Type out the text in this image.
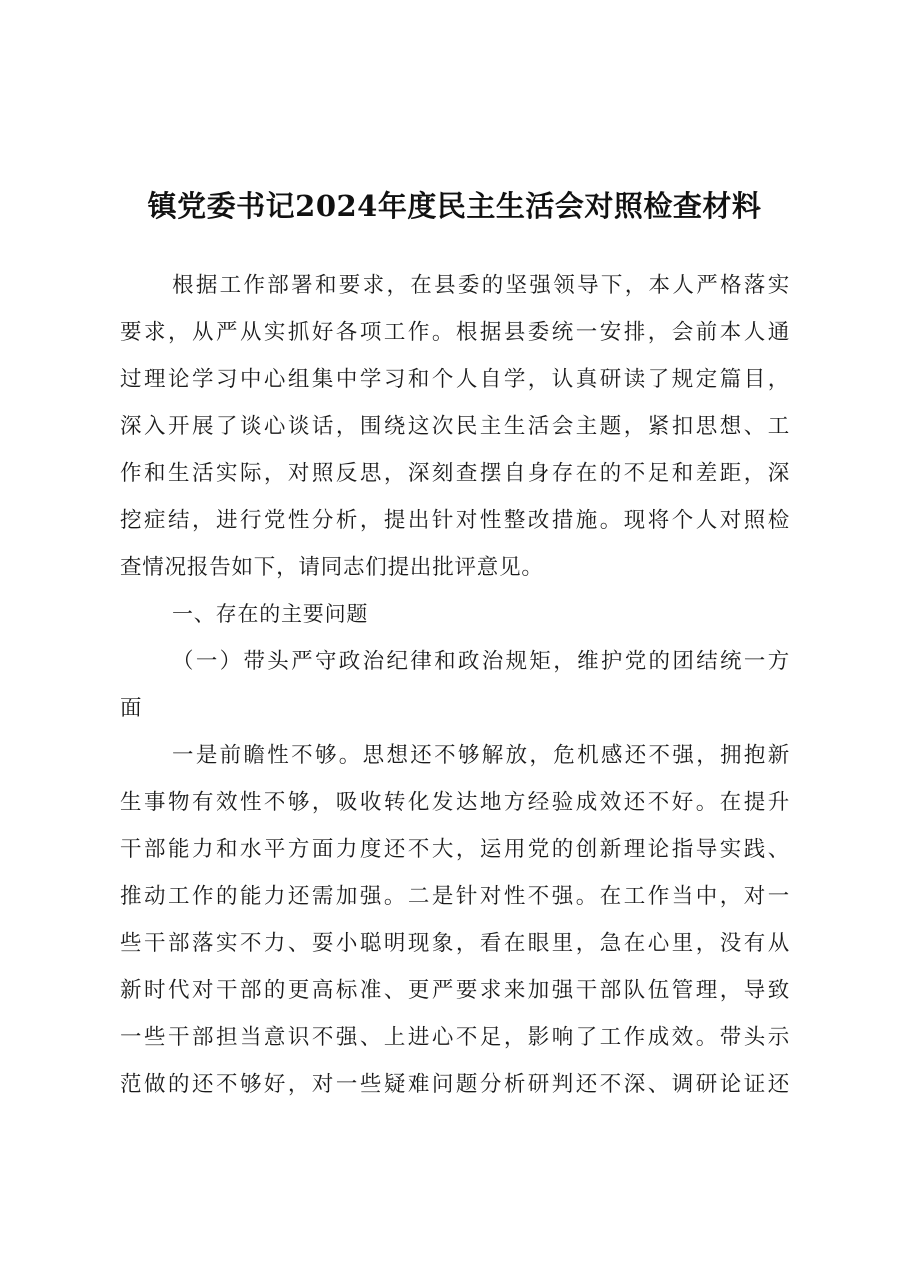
镇党委书记2024年度民主生活会对照检查材料
根据工作部署和要求，在县委的坚强领导下，本人严格落实
要求，从严从实抓好各项工作。根据县委统一安排，会前本人通
过理论学习中心组集中学习和个人自学，认真研读了规定篇目，
深入开展了谈心谈话，围绕这次民主生活会主题，紧扣思想、工
作和生活实际，对照反思，深刻查摆自身存在的不足和差距，深
挖症结，进行党性分析，提出针对性整改措施。现将个人对照检
查情况报告如下，请同志们提出批评意见。
一、存在的主要问题
（一）带头严守政治纪律和政治规矩，维护党的团结统一方
面
一是前瞻性不够。思想还不够解放，危机感还不强，拥抱新
生事物有效性不够，吸收转化发达地方经验成效还不好。在提升
干部能力和水平方面力度还不大，运用党的创新理论指导实践、
推动工作的能力还需加强。二是针对性不强。在工作当中，对一
些干部落实不力、耍小聪明现象，看在眼里，急在心里，没有从
新时代对干部的更高标准、更严要求来加强干部队伍管理，导致
一些干部担当意识不强、上进心不足，影响了工作成效。带头示
范做的还不够好，对一些疑难问题分析研判还不深、调研论证还
